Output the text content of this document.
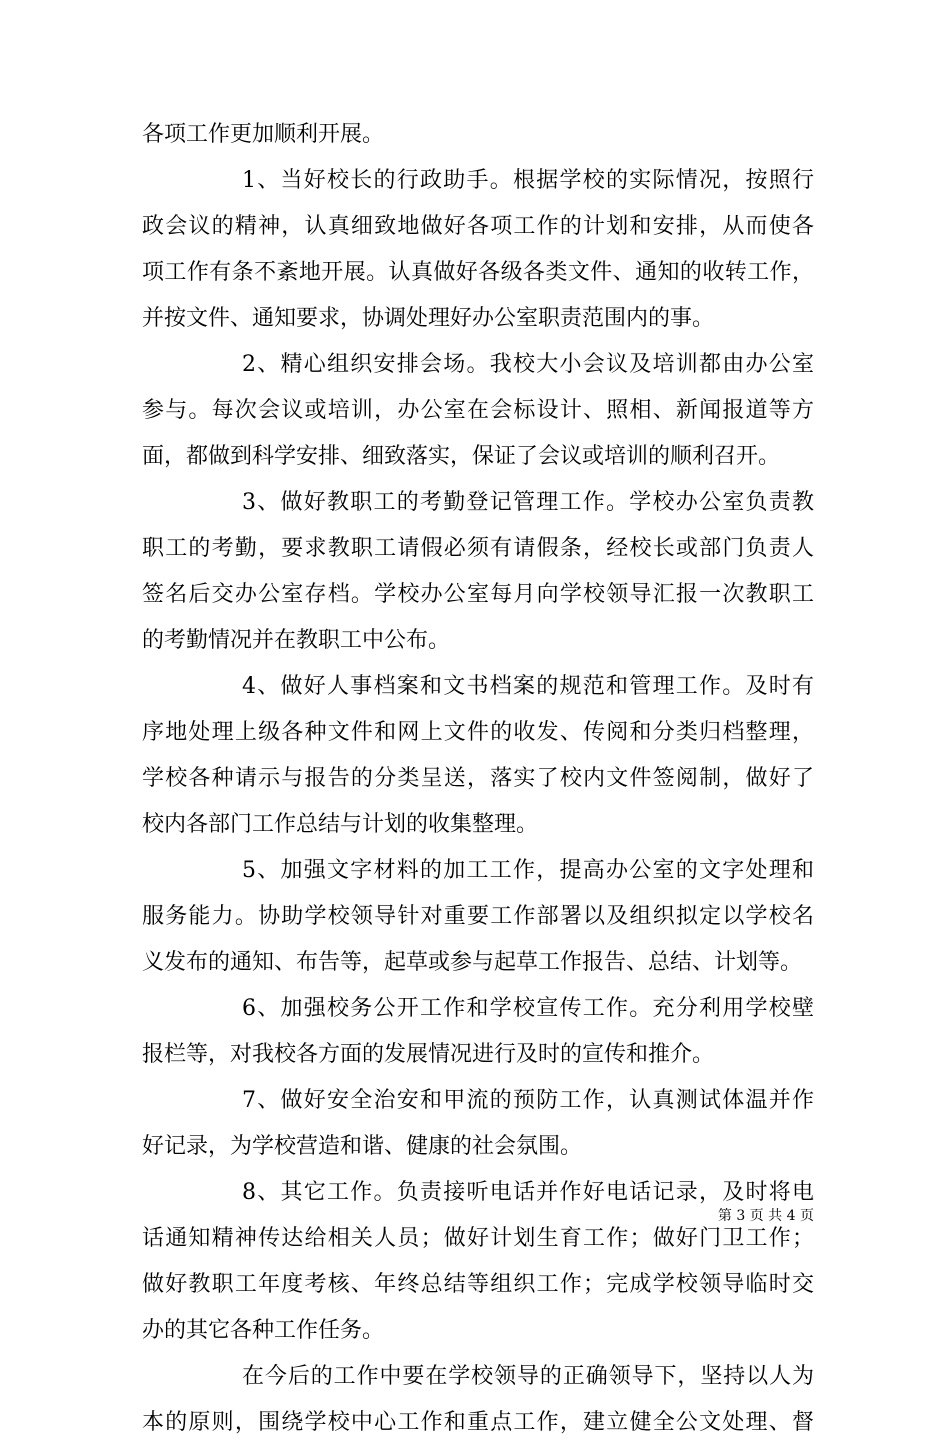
各项工作更加顺利开展。
1、当好校长的行政助手。根据学校的实际情况，按照行
政会议的精神，认真细致地做好各项工作的计划和安排，从而使各
项工作有条不紊地开展。认真做好各级各类文件、通知的收转工作，
并按文件、通知要求，协调处理好办公室职责范围内的事。
2、精心组织安排会场。我校大小会议及培训都由办公室
参与。每次会议或培训，办公室在会标设计、照相、新闻报道等方
面，都做到科学安排、细致落实，保证了会议或培训的顺利召开。
3、做好教职工的考勤登记管理工作。学校办公室负责教
职工的考勤，要求教职工请假必须有请假条，经校长或部门负责人
签名后交办公室存档。学校办公室每月向学校领导汇报一次教职工
的考勤情况并在教职工中公布。
4、做好人事档案和文书档案的规范和管理工作。及时有
序地处理上级各种文件和网上文件的收发、传阅和分类归档整理，
学校各种请示与报告的分类呈送，落实了校内文件签阅制，做好了
校内各部门工作总结与计划的收集整理。
5、加强文字材料的加工工作，提高办公室的文字处理和
服务能力。协助学校领导针对重要工作部署以及组织拟定以学校名
义发布的通知、布告等，起草或参与起草工作报告、总结、计划等。
6、加强校务公开工作和学校宣传工作。充分利用学校壁
报栏等，对我校各方面的发展情况进行及时的宣传和推介。
7、做好安全治安和甲流的预防工作，认真测试体温并作
好记录，为学校营造和谐、健康的社会氛围。
8、其它工作。负责接听电话并作好电话记录，及时将电
话通知精神传达给相关人员；做好计划生育工作；做好门卫工作；
做好教职工年度考核、年终总结等组织工作；完成学校领导临时交
办的其它各种工作任务。
在今后的工作中要在学校领导的正确领导下，坚持以人为
本的原则，围绕学校中心工作和重点工作，建立健全公文处理、督
第 3 页 共 4 页
